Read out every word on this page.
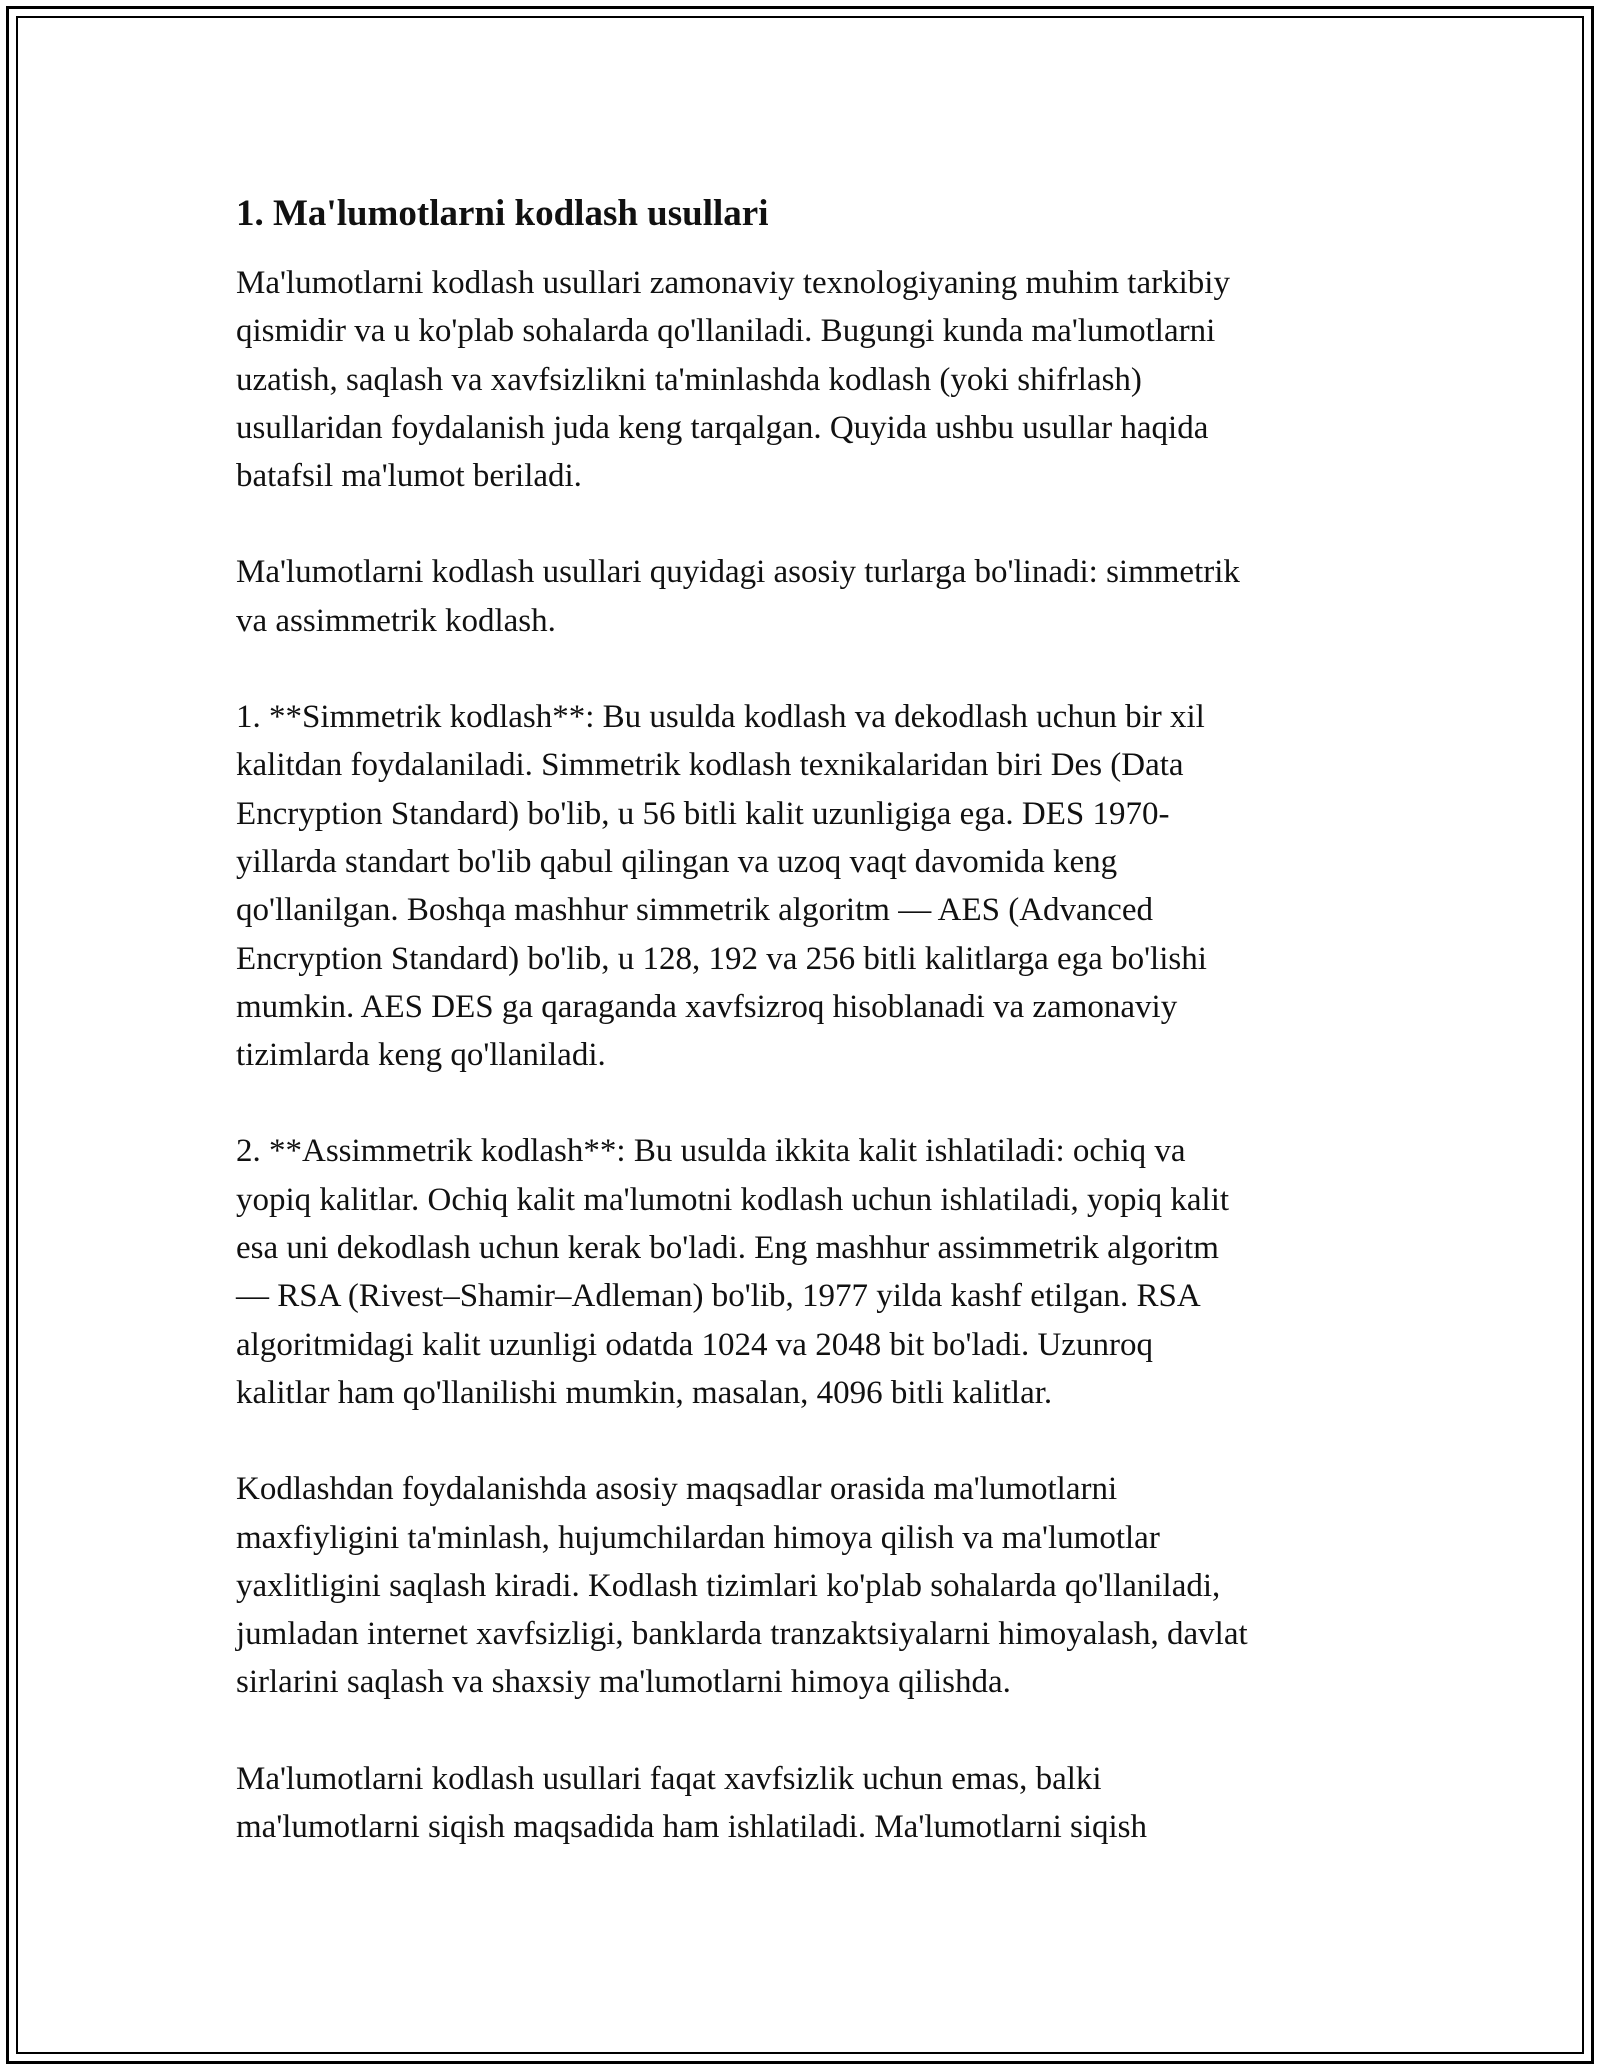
1. Ma'lumotlarni kodlash usullari

Ma'lumotlarni kodlash usullari zamonaviy texnologiyaning muhim tarkibiy
qismidir va u ko'plab sohalarda qo'llaniladi. Bugungi kunda ma'lumotlarni
uzatish, saqlash va xavfsizlikni ta'minlashda kodlash (yoki shifrlash)
usullaridan foydalanish juda keng tarqalgan. Quyida ushbu usullar haqida
batafsil ma'lumot beriladi.

Ma'lumotlarni kodlash usullari quyidagi asosiy turlarga bo'linadi: simmetrik
va assimmetrik kodlash.

1. **Simmetrik kodlash**: Bu usulda kodlash va dekodlash uchun bir xil
kalitdan foydalaniladi. Simmetrik kodlash texnikalaridan biri Des (Data
Encryption Standard) bo'lib, u 56 bitli kalit uzunligiga ega. DES 1970-
yillarda standart bo'lib qabul qilingan va uzoq vaqt davomida keng
qo'llanilgan. Boshqa mashhur simmetrik algoritm — AES (Advanced
Encryption Standard) bo'lib, u 128, 192 va 256 bitli kalitlarga ega bo'lishi
mumkin. AES DES ga qaraganda xavfsizroq hisoblanadi va zamonaviy
tizimlarda keng qo'llaniladi.

2. **Assimmetrik kodlash**: Bu usulda ikkita kalit ishlatiladi: ochiq va
yopiq kalitlar. Ochiq kalit ma'lumotni kodlash uchun ishlatiladi, yopiq kalit
esa uni dekodlash uchun kerak bo'ladi. Eng mashhur assimmetrik algoritm
— RSA (Rivest–Shamir–Adleman) bo'lib, 1977 yilda kashf etilgan. RSA
algoritmidagi kalit uzunligi odatda 1024 va 2048 bit bo'ladi. Uzunroq
kalitlar ham qo'llanilishi mumkin, masalan, 4096 bitli kalitlar.

Kodlashdan foydalanishda asosiy maqsadlar orasida ma'lumotlarni
maxfiyligini ta'minlash, hujumchilardan himoya qilish va ma'lumotlar
yaxlitligini saqlash kiradi. Kodlash tizimlari ko'plab sohalarda qo'llaniladi,
jumladan internet xavfsizligi, banklarda tranzaktsiyalarni himoyalash, davlat
sirlarini saqlash va shaxsiy ma'lumotlarni himoya qilishda.

Ma'lumotlarni kodlash usullari faqat xavfsizlik uchun emas, balki
ma'lumotlarni siqish maqsadida ham ishlatiladi. Ma'lumotlarni siqish
